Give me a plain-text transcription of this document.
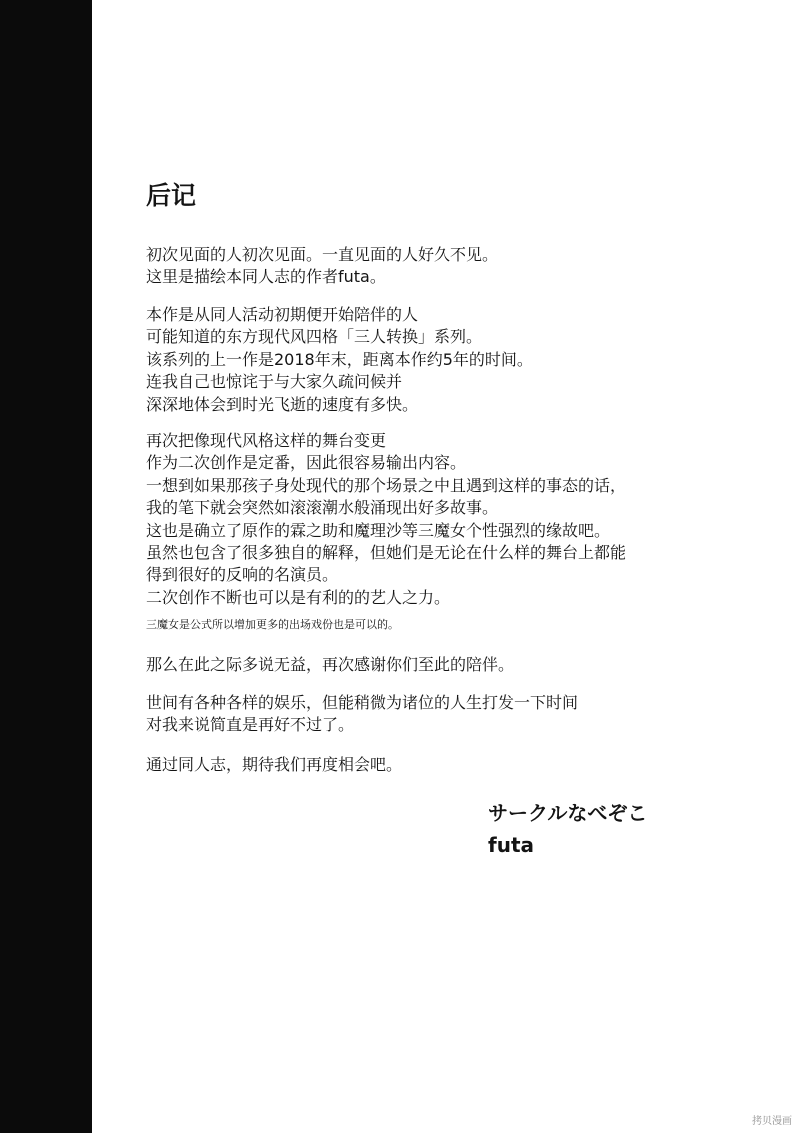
后记
初次见面的人初次见面。一直见面的人好久不见。
这里是描绘本同人志的作者futa。
本作是从同人活动初期便开始陪伴的人
可能知道的东方现代风四格「三人转换」系列。
该系列的上一作是2018年末，距离本作约5年的时间。
连我自己也惊诧于与大家久疏问候并
深深地体会到时光飞逝的速度有多快。
再次把像现代风格这样的舞台变更
作为二次创作是定番，因此很容易输出内容。
一想到如果那孩子身处现代的那个场景之中且遇到这样的事态的话，
我的笔下就会突然如滚滚潮水般涌现出好多故事。
这也是确立了原作的霖之助和魔理沙等三魔女个性强烈的缘故吧。
虽然也包含了很多独自的解释，但她们是无论在什么样的舞台上都能
得到很好的反响的名演员。
二次创作不断也可以是有利的的艺人之力。

三魔女是公式所以增加更多的出场戏份也是可以的。

那么在此之际多说无益，再次感谢你们至此的陪伴。
世间有各种各样的娱乐，但能稍微为诸位的人生打发一下时间
对我来说简直是再好不过了。
通过同人志，期待我们再度相会吧。
サークルなべぞこ
futa
拷贝漫画
